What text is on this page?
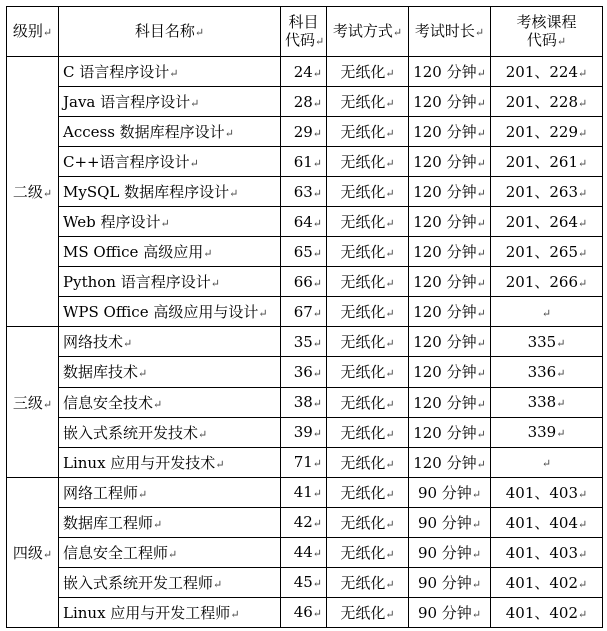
级别↵	科目名称↵	科目
代码↵	考试方式↵	考试时长↵	考核课程
代码↵
二级↵	C 语言程序设计↵	24↵	无纸化↵	120 分钟↵	201、224↵
	Java 语言程序设计↵	28↵	无纸化↵	120 分钟↵	201、228↵
	Access 数据库程序设计↵	29↵	无纸化↵	120 分钟↵	201、229↵
	C++语言程序设计↵	61↵	无纸化↵	120 分钟↵	201、261↵
	MySQL 数据库程序设计↵	63↵	无纸化↵	120 分钟↵	201、263↵
	Web 程序设计↵	64↵	无纸化↵	120 分钟↵	201、264↵
	MS Office 高级应用↵	65↵	无纸化↵	120 分钟↵	201、265↵
	Python 语言程序设计↵	66↵	无纸化↵	120 分钟↵	201、266↵
	WPS Office 高级应用与设计↵	67↵	无纸化↵	120 分钟↵	↵
三级↵	网络技术↵	35↵	无纸化↵	120 分钟↵	335↵
	数据库技术↵	36↵	无纸化↵	120 分钟↵	336↵
	信息安全技术↵	38↵	无纸化↵	120 分钟↵	338↵
	嵌入式系统开发技术↵	39↵	无纸化↵	120 分钟↵	339↵
	Linux 应用与开发技术↵	71↵	无纸化↵	120 分钟↵	↵
四级↵	网络工程师↵	41↵	无纸化↵	90 分钟↵	401、403↵
	数据库工程师↵	42↵	无纸化↵	90 分钟↵	401、404↵
	信息安全工程师↵	44↵	无纸化↵	90 分钟↵	401、403↵
	嵌入式系统开发工程师↵	45↵	无纸化↵	90 分钟↵	401、402↵
	Linux 应用与开发工程师↵	46↵	无纸化↵	90 分钟↵	401、402↵
